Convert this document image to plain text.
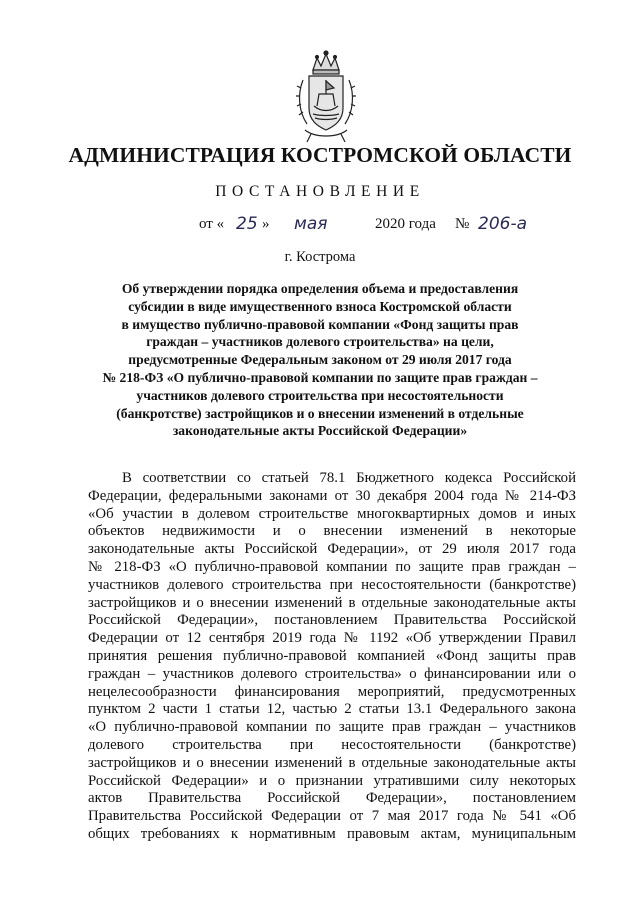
АДМИНИСТРАЦИЯ КОСТРОМСКОЙ ОБЛАСТИ
ПОСТАНОВЛЕНИЕ
от « 25 » мая	2020 года № 206-а
г. Кострома
Об утверждении порядка определения объема и предоставления
субсидии в виде имущественного взноса Костромской области
в имущество публично-правовой компании «Фонд защиты прав
граждан – участников долевого строительства» на цели,
предусмотренные Федеральным законом от 29 июля 2017 года
№ 218-ФЗ «О публично-правовой компании по защите прав граждан –
участников долевого строительства при несостоятельности
(банкротстве) застройщиков и о внесении изменений в отдельные
законодательные акты Российской Федерации»
В соответствии со статьей 78.1 Бюджетного кодекса Российской
Федерации, федеральными законами от 30 декабря 2004 года № 214-ФЗ
«Об участии в долевом строительстве многоквартирных домов и иных
объектов недвижимости и о внесении изменений в некоторые
законодательные акты Российской Федерации», от 29 июля 2017 года
№ 218-ФЗ «О публично-правовой компании по защите прав граждан –
участников долевого строительства при несостоятельности (банкротстве)
застройщиков и о внесении изменений в отдельные законодательные акты
Российской Федерации», постановлением Правительства Российской
Федерации от 12 сентября 2019 года № 1192 «Об утверждении Правил
принятия решения публично-правовой компанией «Фонд защиты прав
граждан – участников долевого строительства» о финансировании или о
нецелесообразности финансирования мероприятий, предусмотренных
пунктом 2 части 1 статьи 12, частью 2 статьи 13.1 Федерального закона
«О публично-правовой компании по защите прав граждан – участников
долевого строительства при несостоятельности (банкротстве)
застройщиков и о внесении изменений в отдельные законодательные акты
Российской Федерации» и о признании утратившими силу некоторых
актов Правительства Российской Федерации», постановлением
Правительства Российской Федерации от 7 мая 2017 года № 541 «Об
общих требованиях к нормативным правовым актам, муниципальным
